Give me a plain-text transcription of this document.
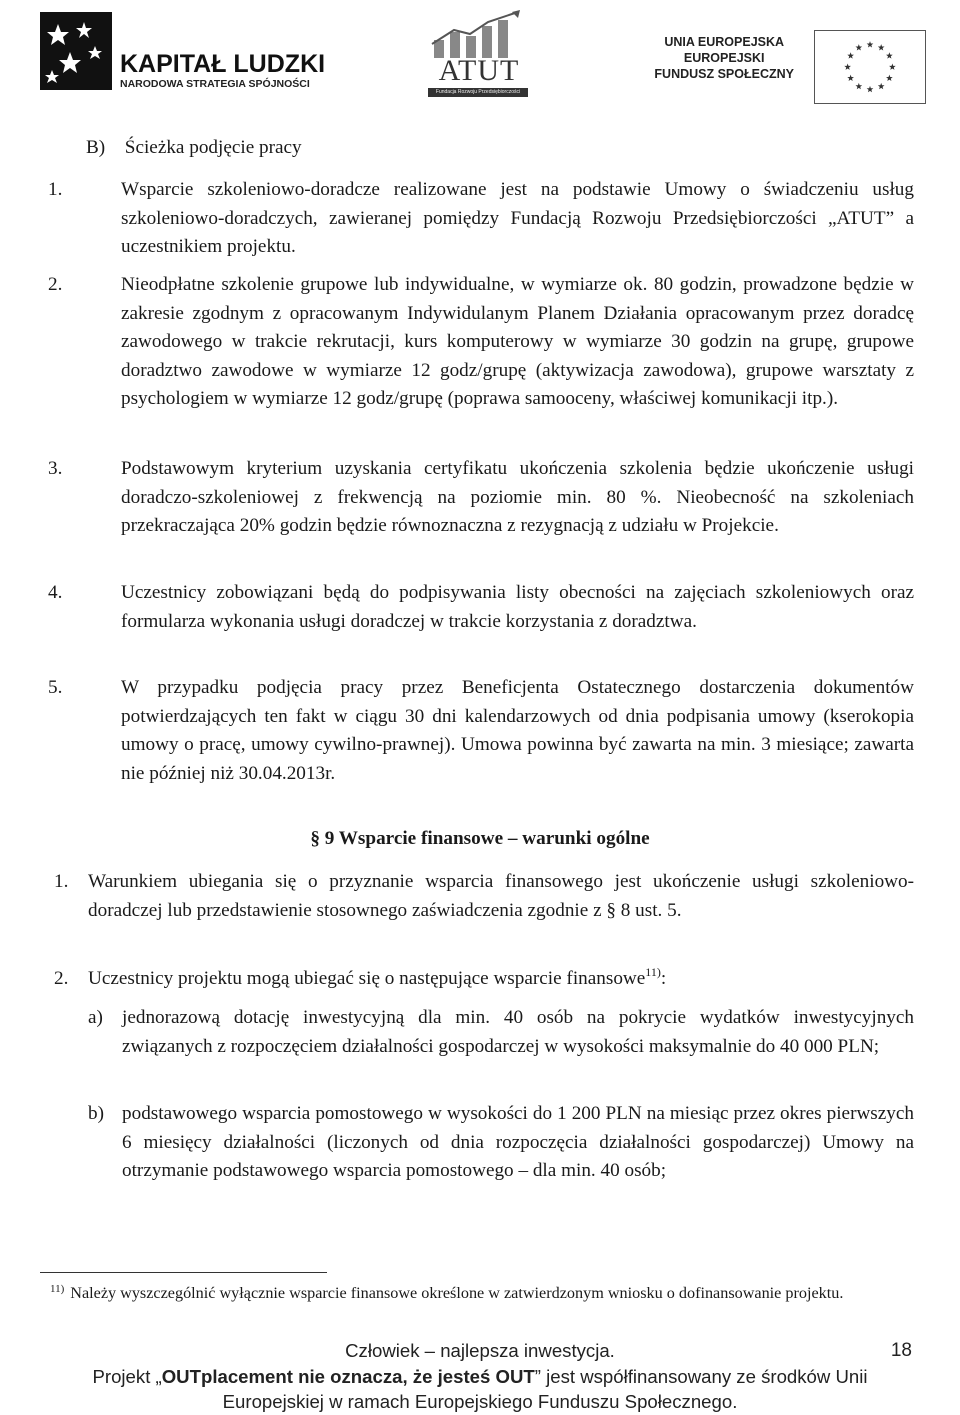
KAPITAŁ LUDZKI
NARODOWA STRATEGIA SPÓJNOŚCI	ATUT
Fundacja Rozwoju Przedsiębiorczości
UNIA EUROPEJSKA
EUROPEJSKI
FUNDUSZ SPOŁECZNY
B) Ścieżka podjęcie pracy
1.	Wsparcie szkoleniowo-doradcze realizowane jest na podstawie Umowy o świadczeniu usług szkoleniowo-doradczych, zawieranej pomiędzy Fundacją Rozwoju Przedsiębiorczości „ATUT” a uczestnikiem projektu.
2.	Nieodpłatne szkolenie grupowe lub indywidualne, w wymiarze ok. 80 godzin, prowadzone będzie w zakresie zgodnym z opracowanym Indywidulanym Planem Działania opracowanym przez doradcę zawodowego w trakcie rekrutacji, kurs komputerowy w wymiarze 30 godzin na grupę, grupowe doradztwo zawodowe w wymiarze 12 godz/grupę (aktywizacja zawodowa), grupowe warsztaty z psychologiem w wymiarze 12 godz/grupę (poprawa samooceny, właściwej komunikacji itp.).
3.	Podstawowym kryterium uzyskania certyfikatu ukończenia szkolenia będzie ukończenie usługi doradczo-szkoleniowej z frekwencją na poziomie min. 80 %. Nieobecność na szkoleniach przekraczająca 20% godzin będzie równoznaczna z rezygnacją z udziału w Projekcie.
4.	Uczestnicy zobowiązani będą do podpisywania listy obecności na zajęciach szkoleniowych oraz formularza wykonania usługi doradczej w trakcie korzystania z doradztwa.
5.	W przypadku podjęcia pracy przez Beneficjenta Ostatecznego dostarczenia dokumentów potwierdzających ten fakt w ciągu 30 dni kalendarzowych od dnia podpisania umowy (kserokopia umowy o pracę, umowy cywilno-prawnej). Umowa powinna być zawarta na min. 3 miesiące; zawarta nie później niż 30.04.2013r.
§ 9 Wsparcie finansowe – warunki ogólne
1. Warunkiem ubiegania się o przyznanie wsparcia finansowego jest ukończenie usługi szkoleniowo-doradczej lub przedstawienie stosownego zaświadczenia zgodnie z § 8 ust. 5.
2. Uczestnicy projektu mogą ubiegać się o następujące wsparcie finansowe$^{11)}$:
a) jednorazową dotację inwestycyjną dla min. 40 osób na pokrycie wydatków inwestycyjnych związanych z rozpoczęciem działalności gospodarczej w wysokości maksymalnie do 40 000 PLN;
b) podstawowego wsparcia pomostowego w wysokości do 1 200 PLN na miesiąc przez okres pierwszych 6 miesięcy działalności (liczonych od dnia rozpoczęcia działalności gospodarczej) Umowy na otrzymanie podstawowego wsparcia pomostowego – dla min. 40 osób;
$^{11)}$ Należy wyszczególnić wyłącznie wsparcie finansowe określone w zatwierdzonym wniosku o dofinansowanie projektu.
Człowiek – najlepsza inwestycja.	18
Projekt „OUTplacement nie oznacza, że jesteś OUT” jest współfinansowany ze środków Unii
Europejskiej w ramach Europejskiego Funduszu Społecznego.
